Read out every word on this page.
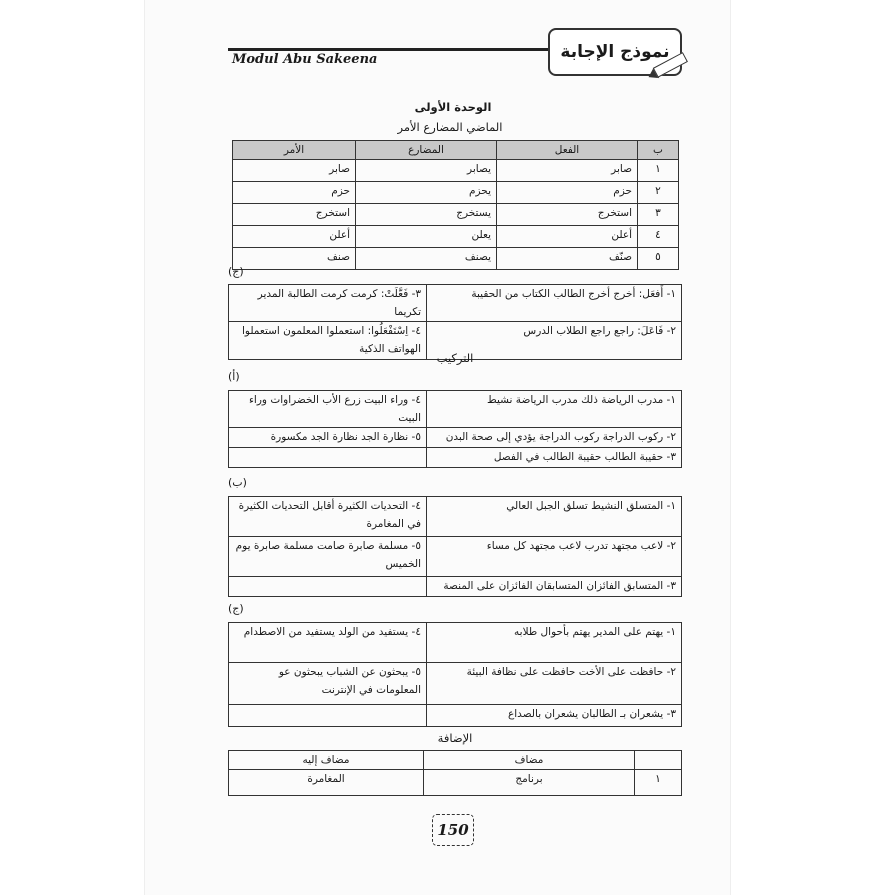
Modul Abu Sakeena	نموذج الإجابة
الوحدة الأولى
الماضي المضارع الأمر
ب	الفعل	المضارع	الأمر
١	صابر	يصابر	صابر
٢	حزم	يحزم	حزم
٣	استخرج	يستخرج	استخرج
٤	أعلن	يعلن	أعلن
٥	صنّف	يصنف	صنف
(ج)
١- أَفعَل: أخرج أخرج الطالب الكتاب من الحقيبة	٣- فَعَّلَتْ: كرمت كرمت الطالبة المدير تكريما
٢- فَاعَلَ: راجع راجع الطلاب الدرس	٤- اِسْتَفْعَلُوا: استعملوا المعلمون استعملوا الهواتف الذكية
التركيب
(أ)
١- مدرب الرياضة ذلك مدرب الرياضة نشيط	٤- وراء البيت زرع الأب الخضراوات وراء البيت
٢- ركوب الدراجة ركوب الدراجة يؤدي إلى صحة البدن	٥- نظارة الجد نظارة الجد مكسورة
٣- حقيبة الطالب حقيبة الطالب في الفصل	
(ب)
١- المتسلق النشيط تسلق الجبل العالي	٤- التحديات الكثيرة أقابل التحديات الكثيرة في المغامرة
٢- لاعب مجتهد تدرب لاعب مجتهد كل مساء	٥- مسلمة صابرة صامت مسلمة صابرة يوم الخميس
٣- المتسابق الفائزان المتسابقان الفائزان على المنصة	
(ج)
١- يهتم على المدير يهتم بأحوال طلابه	٤- يستفيد من الولد يستفيد من الاصطدام
٢- حافظت على الأخت حافظت على نظافة البيئة	٥- يبحثون عن الشباب يبحثون عو المعلومات في الإنترنت
٣- يشعران بـ الطالبان يشعران بالصداع	
الإضافة
	مضاف	مضاف إليه
١	برنامج	المغامرة
150
